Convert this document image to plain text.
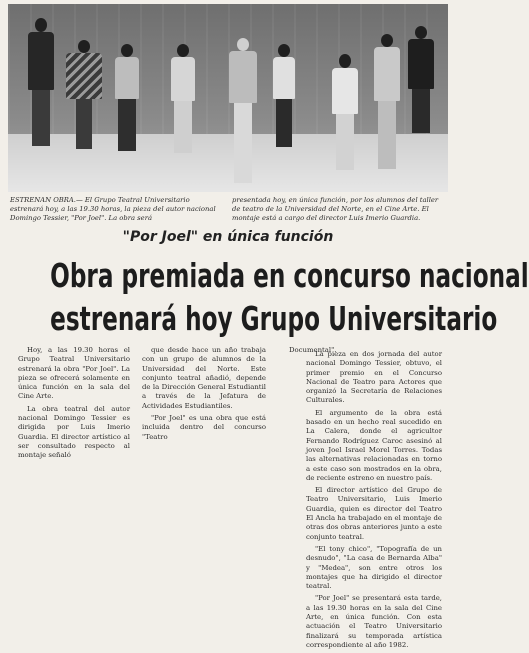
ESTRENAN OBRA.— El Grupo Teatral Universitario estrenará hoy, a las 19.30 horas, la pieza del autor nacional Domingo Tessier, "Por Joel". La obra será
presentada hoy, en única función, por los alumnos del taller de teatro de la Universidad del Norte, en el Cine Arte. El montaje está a cargo del director Luis Imerio Guardia.
"Por Joel" en única función
Obra premiada en concurso nacional
estrenará hoy Grupo Universitario

Hoy, a las 19.30 horas el Grupo Teatral Universitario estrenará la obra "Por Joel". La pieza se ofrecerá solamente en única función en la sala del Cine Arte.

La obra teatral del autor nacional Domingo Tessier es dirigida por Luis Imerio Guardia. El director artístico al ser consultado respecto al montaje señaló

que desde hace un año trabaja con un grupo de alumnos de la Universidad del Norte. Este conjunto teatral añadió, depende de la Dirección General Estudiantil a través de la Jefatura de Actividades Estudiantiles.

"Por Joel" es una obra que está incluida dentro del concurso "Teatro

Documental".

La pieza en dos jornada del autor nacional Domingo Tessier, obtuvo, el primer premio en el Concurso Nacional de Teatro para Actores que organizó la Secretaría de Relaciones Culturales.

El argumento de la obra está basado en un hecho real sucedido en La Calera, donde el agricultor Fernando Rodríguez Caroc asesinó al joven Joel Israel Morel Torres. Todas las alternativas relacionadas en torno a este caso son mostrados en la obra, de reciente estreno en nuestro país.

El director artístico del Grupo de Teatro Universitario, Luis Imerio Guardia, quien es director del Teatro El Ancla ha trabajado en el montaje de otras dos obras anteriores junto a este conjunto teatral.

"El tony chico", "Topografía de un desnudo", "La casa de Bernarda Alba" y "Medea", son entre otros los montajes que ha dirigido el director teatral.

"Por Joel" se presentará esta tarde, a las 19.30 horas en la sala del Cine Arte, en única función. Con esta actuación el Teatro Universitario finalizará su temporada artística correspondiente al año 1982.
